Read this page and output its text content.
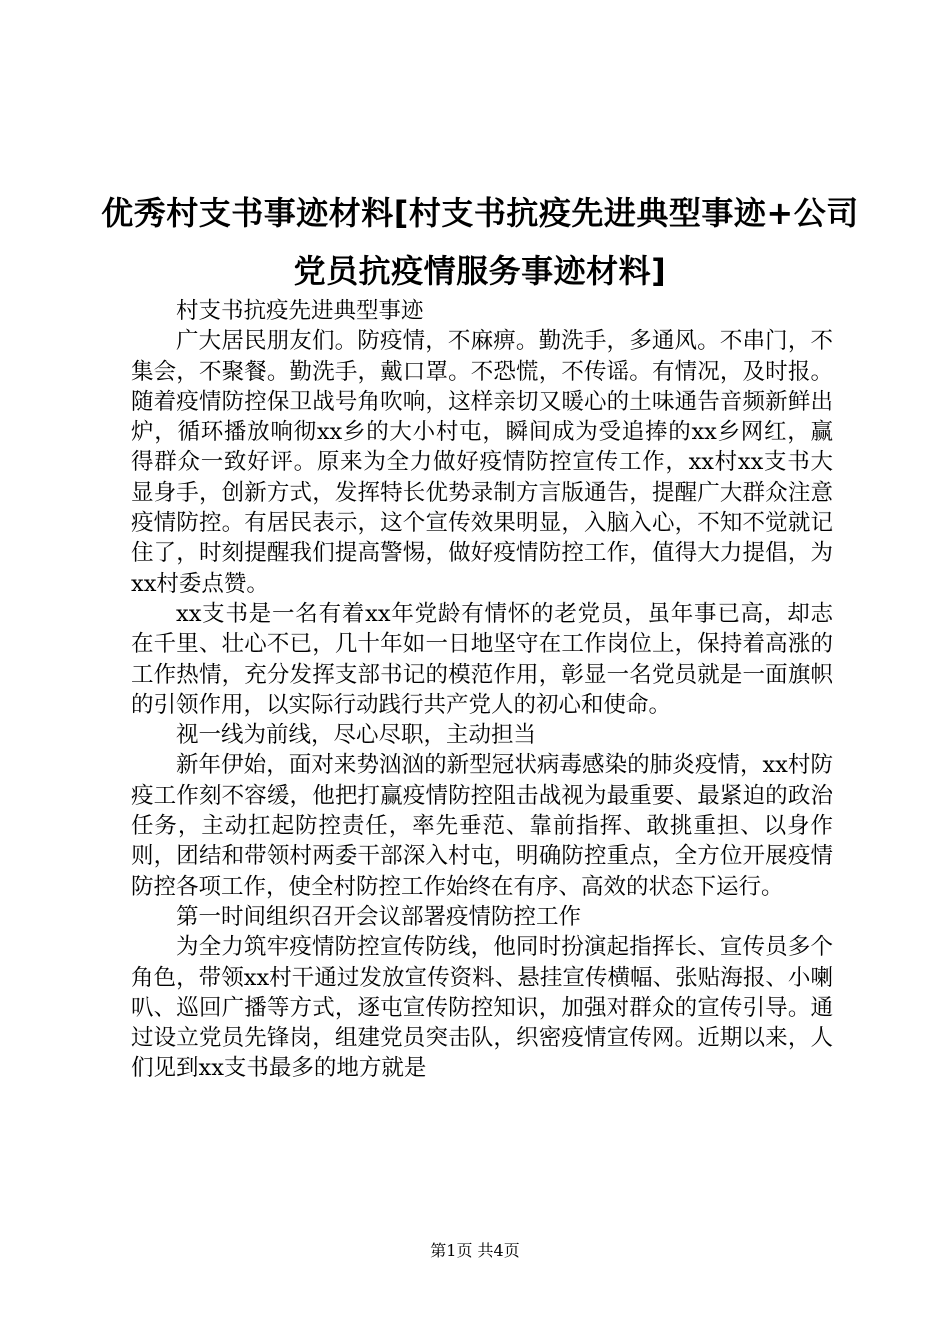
优秀村支书事迹材料[村支书抗疫先进典型事迹+公司党员抗疫情服务事迹材料]

村支书抗疫先进典型事迹

广大居民朋友们。防疫情，不麻痹。勤洗手，多通风。不串门，不集会，不聚餐。勤洗手，戴口罩。不恐慌，不传谣。有情况，及时报。随着疫情防控保卫战号角吹响，这样亲切又暖心的土味通告音频新鲜出炉，循环播放响彻xx乡的大小村屯，瞬间成为受追捧的xx乡网红，赢得群众一致好评。原来为全力做好疫情防控宣传工作，xx村xx支书大显身手，创新方式，发挥特长优势录制方言版通告，提醒广大群众注意疫情防控。有居民表示，这个宣传效果明显，入脑入心，不知不觉就记住了，时刻提醒我们提高警惕，做好疫情防控工作，值得大力提倡，为xx村委点赞。

xx支书是一名有着xx年党龄有情怀的老党员，虽年事已高，却志在千里、壮心不已，几十年如一日地坚守在工作岗位上，保持着高涨的工作热情，充分发挥支部书记的模范作用，彰显一名党员就是一面旗帜的引领作用，以实际行动践行共产党人的初心和使命。

视一线为前线，尽心尽职，主动担当

新年伊始，面对来势汹汹的新型冠状病毒感染的肺炎疫情，xx村防疫工作刻不容缓，他把打赢疫情防控阻击战视为最重要、最紧迫的政治任务，主动扛起防控责任，率先垂范、靠前指挥、敢挑重担、以身作则，团结和带领村两委干部深入村屯，明确防控重点，全方位开展疫情防控各项工作，使全村防控工作始终在有序、高效的状态下运行。

第一时间组织召开会议部署疫情防控工作

为全力筑牢疫情防控宣传防线，他同时扮演起指挥长、宣传员多个角色，带领xx村干通过发放宣传资料、悬挂宣传横幅、张贴海报、小喇叭、巡回广播等方式，逐屯宣传防控知识，加强对群众的宣传引导。通过设立党员先锋岗，组建党员突击队，织密疫情宣传网。近期以来，人们见到xx支书最多的地方就是

第1页 共4页
